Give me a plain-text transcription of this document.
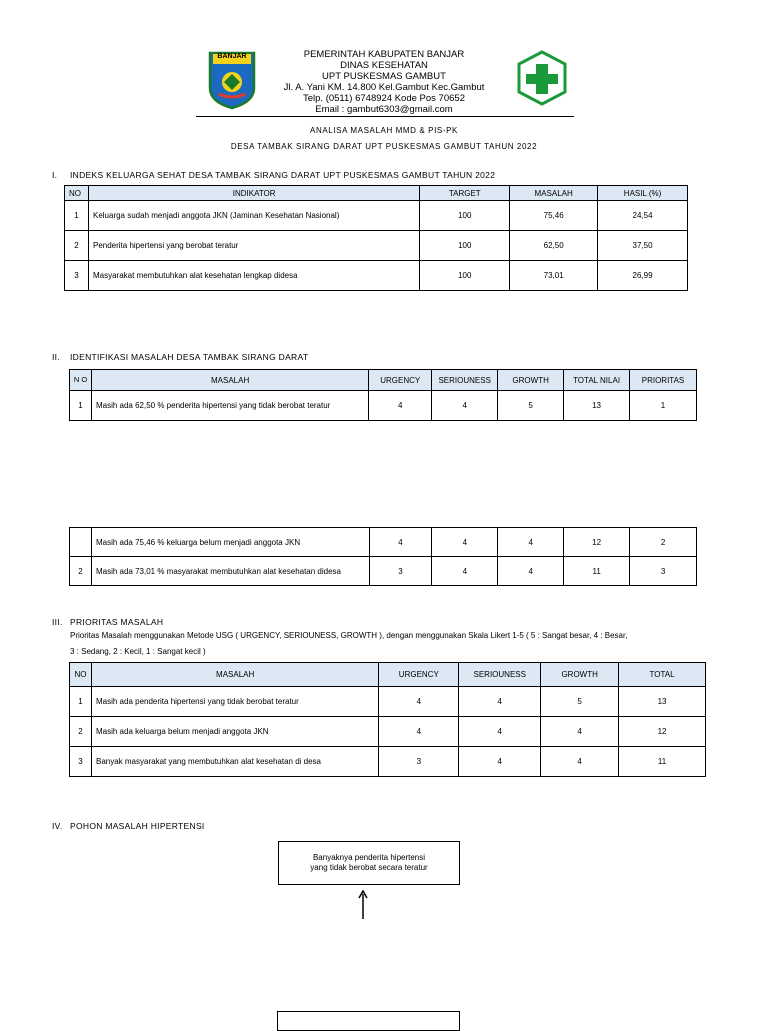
BANJAR	PEMERINTAH KABUPATEN BANJAR
DINAS KESEHATAN
UPT PUSKESMAS GAMBUT
Jl. A. Yani KM. 14.800 Kel.Gambut Kec.Gambut
Telp. (0511) 6748924 Kode Pos 70652
Email : gambut6303@gmail.com
ANALISA MASALAH MMD & PIS-PK
DESA TAMBAK SIRANG DARAT UPT PUSKESMAS GAMBUT TAHUN 2022
I. INDEKS KELUARGA SEHAT DESA TAMBAK SIRANG DARAT UPT PUSKESMAS GAMBUT TAHUN 2022
NO	INDIKATOR	TARGET	MASALAH	HASIL (%)
1	Keluarga sudah menjadi anggota JKN (Jaminan Kesehatan Nasional)	100	75,46	24,54
2	Penderita hipertensi yang berobat teratur	100	62,50	37,50
3	Masyarakat membutuhkan alat kesehatan lengkap didesa	100	73,01	26,99
II. IDENTIFIKASI MASALAH DESA TAMBAK SIRANG DARAT
N O	MASALAH	URGENCY	SERIOUNESS	GROWTH	TOTAL NILAI	PRIORITAS
1	Masih ada 62,50 % penderita hipertensi yang tidak berobat teratur	4	4	5	13	1
	Masih ada 75,46 % keluarga belum menjadi anggota JKN	4	4	4	12	2
2	Masih ada 73,01 % masyarakat membutuhkan alat kesehatan didesa	3	4	4	11	3
III. PRIORITAS MASALAH
Prioritas Masalah menggunakan Metode USG ( URGENCY, SERIOUNESS, GROWTH ), dengan menggunakan Skala Likert 1-5 ( 5 : Sangat besar, 4 : Besar,
3 : Sedang, 2 : Kecil, 1 : Sangat kecil )
NO	MASALAH	URGENCY	SERIOUNESS	GROWTH	TOTAL
1	Masih ada penderita hipertensi yang tidak berobat teratur	4	4	5	13
2	Masih ada keluarga belum menjadi anggota JKN	4	4	4	12
3	Banyak masyarakat yang membutuhkan alat kesehatan di desa	3	4	4	11
IV. POHON MASALAH HIPERTENSI
Banyaknya penderita hipertensi
yang tidak berobat secara teratur
